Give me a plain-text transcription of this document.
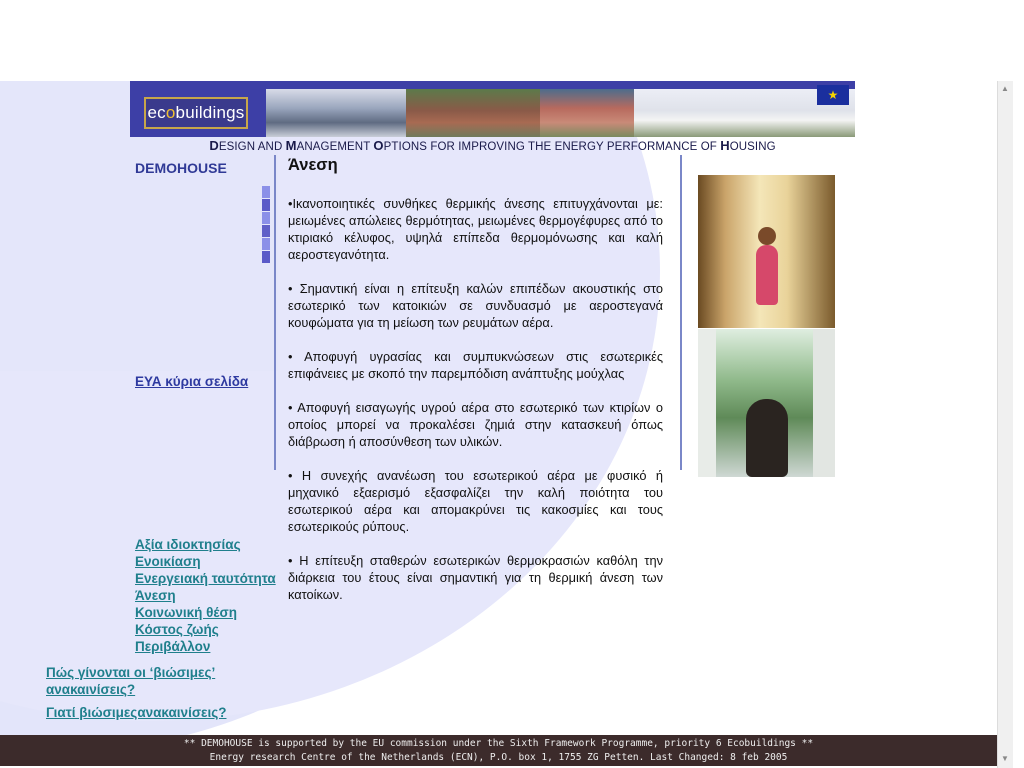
ec o buildings
★
DESIGN AND MANAGEMENT OPTIONS FOR IMPROVING THE ENERGY PERFORMANCE OF HOUSING
DEMOHOUSE
ΕΥΑ κύρια σελίδα
Αξία ιδιοκτησίας
Ενοικίαση
Ενεργειακή ταυτότητα
Άνεση
Κοινωνική θέση
Κόστος ζωής
Περιβάλλον
Πώς γίνονται οι ‘βιώσιμες’ ανακαινίσεις?
Γιατί βιώσιμεςανακαινίσεις?
Άνεση

•Ικανοποιητικές συνθήκες θερμικής άνεσης επιτυγχάνονται με: μειωμένες απώλειες θερμότητας, μειωμένες θερμογέφυρες από το κτιριακό κέλυφος, υψηλά επίπεδα θερμομόνωσης και καλή αεροστεγανότητα.

• Σημαντική είναι η επίτευξη καλών επιπέδων ακουστικής στο εσωτερικό των κατοικιών σε συνδυασμό με αεροστεγανά κουφώματα για τη μείωση των ρευμάτων αέρα.

• Αποφυγή υγρασίας και συμπυκνώσεων στις εσωτερικές επιφάνειες με σκοπό την παρεμπόδιση ανάπτυξης μούχλας

• Αποφυγή εισαγωγής υγρού αέρα στο εσωτερικό των κτιρίων ο οποίος μπορεί να προκαλέσει ζημιά στην κατασκευή όπως διάβρωση ή αποσύνθεση των υλικών.

• Η συνεχής ανανέωση του εσωτερικού αέρα με φυσικό ή μηχανικό εξαερισμό εξασφαλίζει την καλή ποιότητα του εσωτερικού αέρα και απομακρύνει τις κακοσμίες και τους εσωτερικούς ρύπους.

• Η επίτευξη σταθερών εσωτερικών θερμοκρασιών καθόλη την διάρκεια του έτους είναι σημαντική για τη θερμική άνεση των κατοίκων.

** DEMOHOUSE is supported by the EU commission under the Sixth Framework Programme, priority 6 Ecobuildings **
Energy research Centre of the Netherlands (ECN), P.O. box 1, 1755 ZG Petten. Last Changed: 8 feb 2005
▲
▼
